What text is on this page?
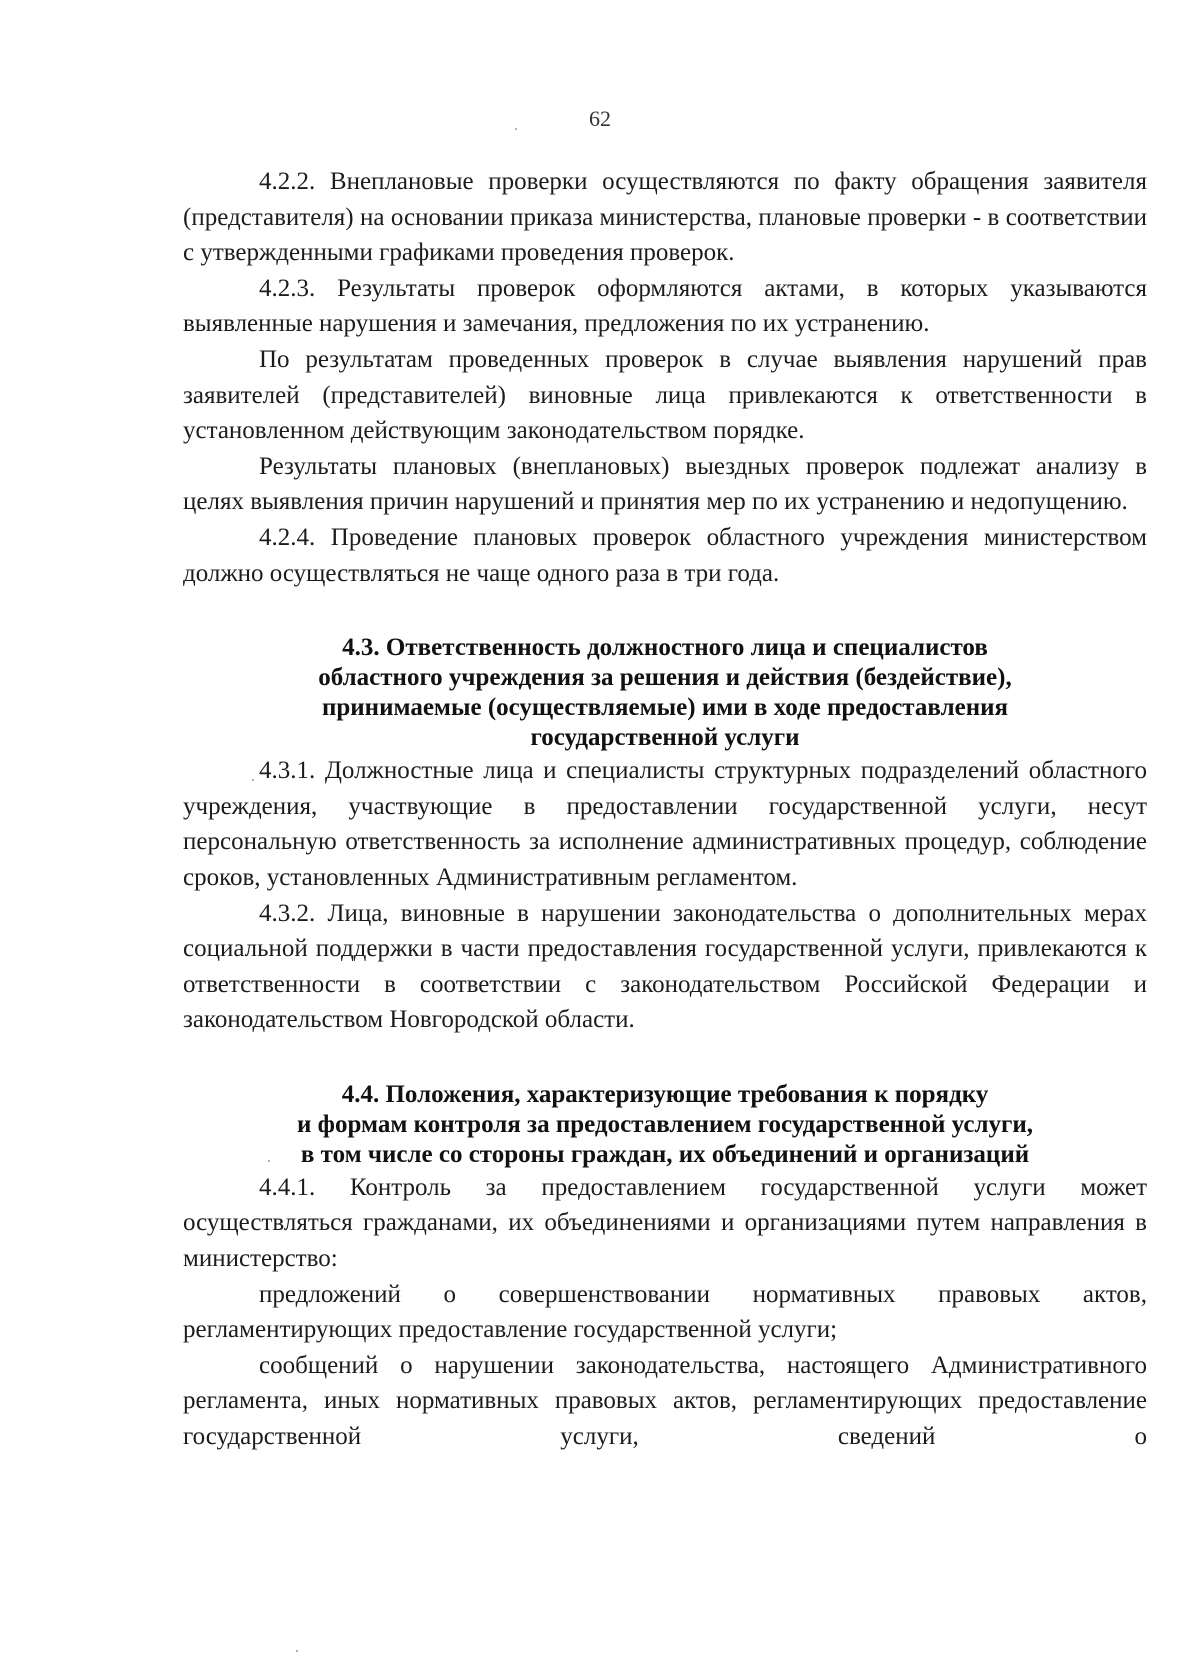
62

4.2.2. Внеплановые проверки осуществляются по факту обращения заявителя (представителя) на основании приказа министерства, плановые проверки - в соответствии с утвержденными графиками проведения проверок.

4.2.3. Результаты проверок оформляются актами, в которых указываются выявленные нарушения и замечания, предложения по их устранению.

По результатам проведенных проверок в случае выявления нарушений прав заявителей (представителей) виновные лица привлекаются к ответственности в установленном действующим законодательством порядке.

Результаты плановых (внеплановых) выездных проверок подлежат анализу в целях выявления причин нарушений и принятия мер по их устранению и недопущению.

4.2.4. Проведение плановых проверок областного учреждения министерством должно осуществляться не чаще одного раза в три года.

4.3. Ответственность должностного лица и специалистов
областного учреждения за решения и действия (бездействие),
принимаемые (осуществляемые) ими в ходе предоставления
государственной услуги

4.3.1. Должностные лица и специалисты структурных подразделений областного учреждения, участвующие в предоставлении государственной услуги, несут персональную ответственность за исполнение административных процедур, соблюдение сроков, установленных Административным регламентом.

4.3.2. Лица, виновные в нарушении законодательства о дополнительных мерах социальной поддержки в части предоставления государственной услуги, привлекаются к ответственности в соответствии с законодательством Российской Федерации и законодательством Новгородской области.

4.4. Положения, характеризующие требования к порядку
и формам контроля за предоставлением государственной услуги,
в том числе со стороны граждан, их объединений и организаций

4.4.1. Контроль за предоставлением государственной услуги может осуществляться гражданами, их объединениями и организациями путем направления в министерство:

предложений о совершенствовании нормативных правовых актов, регламентирующих предоставление государственной услуги;

сообщений о нарушении законодательства, настоящего Административного регламента, иных нормативных правовых актов, регламентирующих предоставление государственной услуги, сведений о
